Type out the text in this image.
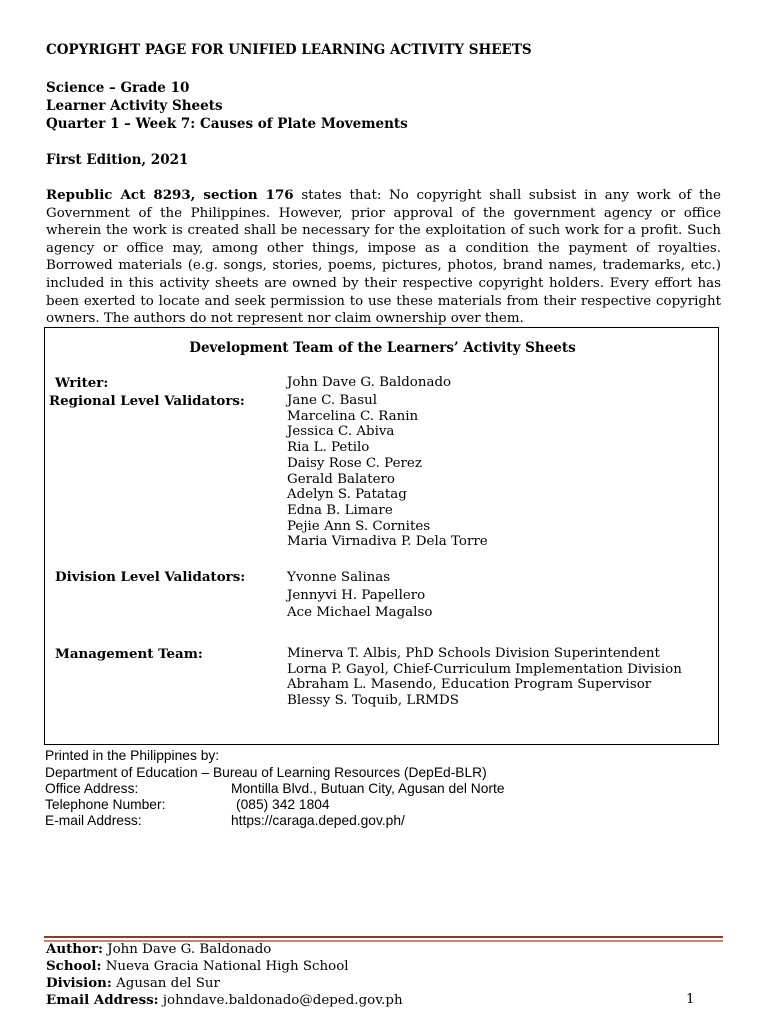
COPYRIGHT PAGE FOR UNIFIED LEARNING ACTIVITY SHEETS
Science – Grade 10
Learner Activity Sheets
Quarter 1 – Week 7: Causes of Plate Movements
First Edition, 2021
Republic Act 8293, section 176 states that: No copyright shall subsist in any work of the Government of the Philippines. However, prior approval of the government agency or office wherein the work is created shall be necessary for the exploitation of such work for a profit. Such agency or office may, among other things, impose as a condition the payment of royalties. Borrowed materials (e.g. songs, stories, poems, pictures, photos, brand names, trademarks, etc.) included in this activity sheets are owned by their respective copyright holders. Every effort has been exerted to locate and seek permission to use these materials from their respective copyright owners. The authors do not represent nor claim ownership over them.
Development Team of the Learners’ Activity Sheets
Writer:	John Dave G. Baldonado
Regional Level Validators:	Jane C. Basul
Marcelina C. Ranin
Jessica C. Abiva
Ria L. Petilo
Daisy Rose C. Perez
Gerald Balatero
Adelyn S. Patatag
Edna B. Limare
Pejie Ann S. Cornites
Maria Virnadiva P. Dela Torre
Division Level Validators:	Yvonne Salinas
Jennyvi H. Papellero
Ace Michael Magalso
Management Team:	Minerva T. Albis, PhD Schools Division Superintendent
Lorna P. Gayol, Chief-Curriculum Implementation Division
Abraham L. Masendo, Education Program Supervisor
Blessy S. Toquib, LRMDS
Printed in the Philippines by:
Department of Education – Bureau of Learning Resources (DepEd-BLR)
Office Address:	Montilla Blvd., Butuan City, Agusan del Norte
Telephone Number:	(085) 342 1804
E-mail Address:	https://caraga.deped.gov.ph/
Author: John Dave G. Baldonado
School: Nueva Gracia National High School
Division: Agusan del Sur
Email Address: johndave.baldonado@deped.gov.ph	1
